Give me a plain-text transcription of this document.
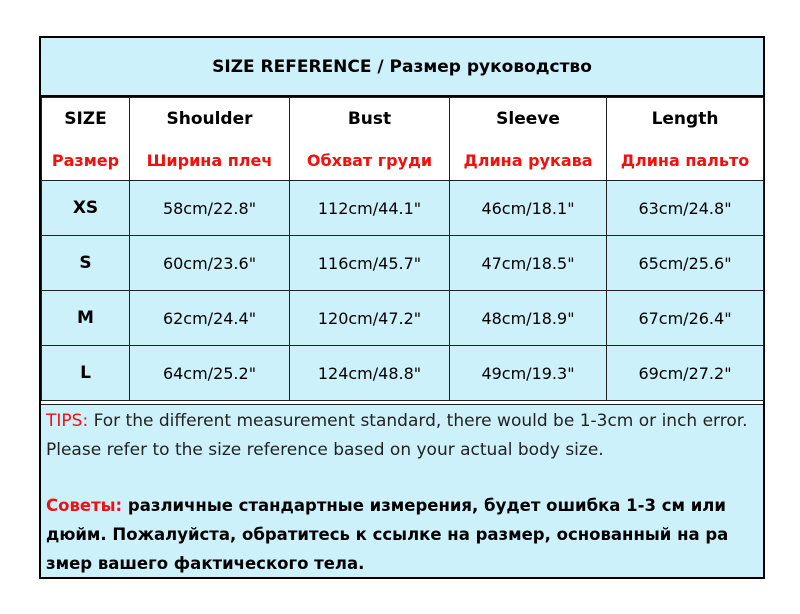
SIZE REFERENCE / Размер руководство
SIZE	Shoulder	Bust	Sleeve	Length
Размер	Ширина плеч	Обхват груди	Длина рукава	Длина пальто
XS	58cm/22.8"	112cm/44.1"	46cm/18.1"	63cm/24.8"
S	60cm/23.6"	116cm/45.7"	47cm/18.5"	65cm/25.6"
M	62cm/24.4"	120cm/47.2"	48cm/18.9"	67cm/26.4"
L	64cm/25.2"	124cm/48.8"	49cm/19.3"	69cm/27.2"

TIPS: For the different measurement standard, there would be 1-3cm or inch error. Please refer to the size reference based on your actual body size.

Советы: различные стандартные измерения, будет ошибка 1-3 см или дюйм. Пожалуйста, обратитесь к ссылке на размер, основанный на ра змер вашего фактического тела.
